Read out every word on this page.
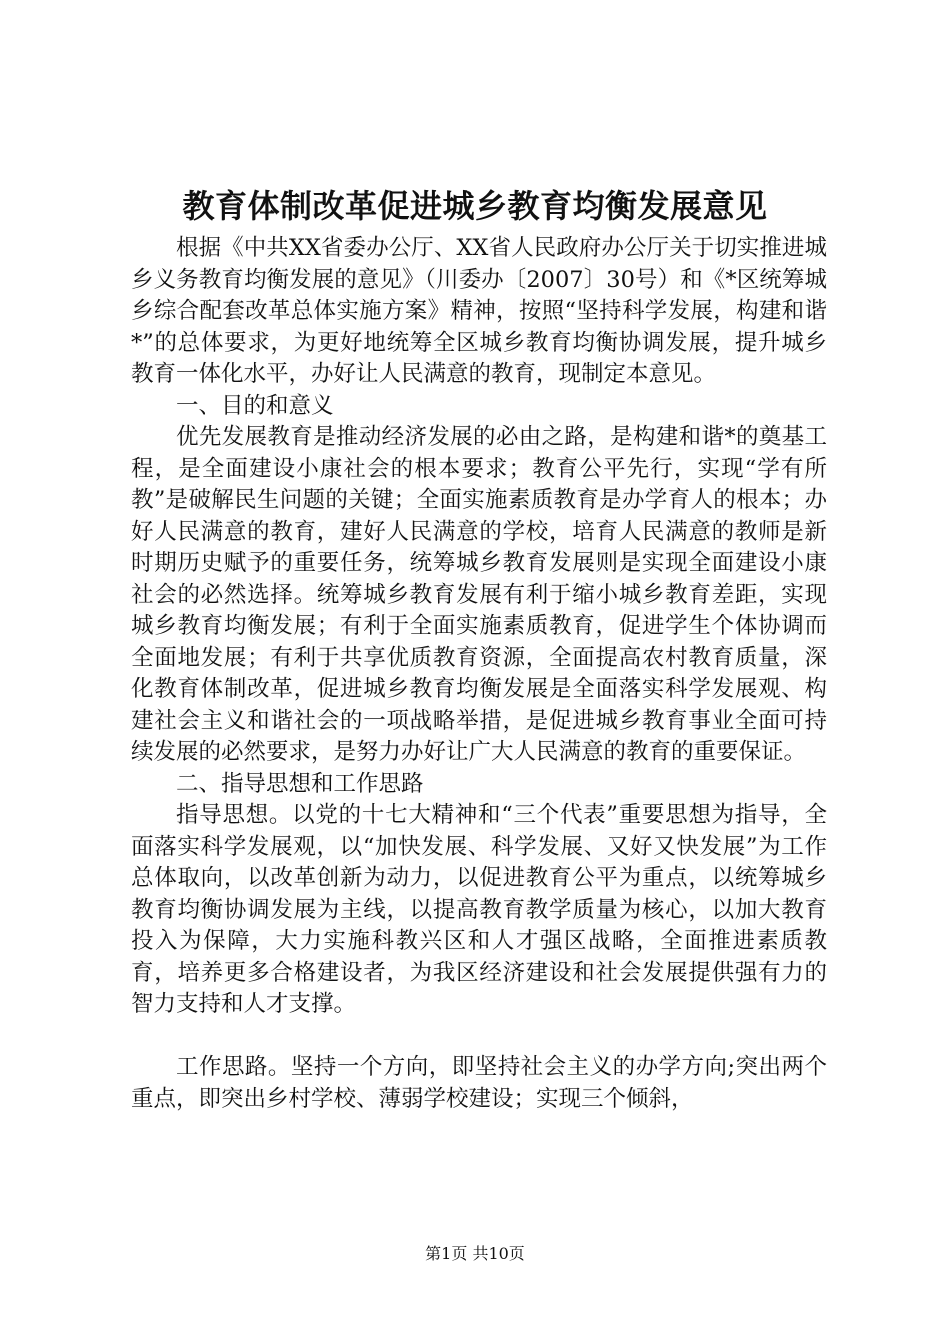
教育体制改革促进城乡教育均衡发展意见

根据《中共XX省委办公厅、XX省人民政府办公厅关于切实推进城乡义务教育均衡发展的意见》（川委办〔2007〕30号）和《*区统筹城乡综合配套改革总体实施方案》精神，按照“坚持科学发展，构建和谐*”的总体要求，为更好地统筹全区城乡教育均衡协调发展，提升城乡教育一体化水平，办好让人民满意的教育，现制定本意见。

一、目的和意义

优先发展教育是推动经济发展的必由之路，是构建和谐*的奠基工程，是全面建设小康社会的根本要求；教育公平先行，实现“学有所教”是破解民生问题的关键；全面实施素质教育是办学育人的根本；办好人民满意的教育，建好人民满意的学校，培育人民满意的教师是新时期历史赋予的重要任务，统筹城乡教育发展则是实现全面建设小康社会的必然选择。统筹城乡教育发展有利于缩小城乡教育差距，实现城乡教育均衡发展；有利于全面实施素质教育，促进学生个体协调而全面地发展；有利于共享优质教育资源，全面提高农村教育质量，深化教育体制改革，促进城乡教育均衡发展是全面落实科学发展观、构建社会主义和谐社会的一项战略举措，是促进城乡教育事业全面可持续发展的必然要求，是努力办好让广大人民满意的教育的重要保证。

二、指导思想和工作思路

指导思想。以党的十七大精神和“三个代表”重要思想为指导，全面落实科学发展观，以“加快发展、科学发展、又好又快发展”为工作总体取向，以改革创新为动力，以促进教育公平为重点，以统筹城乡教育均衡协调发展为主线，以提高教育教学质量为核心，以加大教育投入为保障，大力实施科教兴区和人才强区战略，全面推进素质教育，培养更多合格建设者，为我区经济建设和社会发展提供强有力的智力支持和人才支撑。

工作思路。坚持一个方向，即坚持社会主义的办学方向;突出两个重点，即突出乡村学校、薄弱学校建设；实现三个倾斜，

第1页 共10页
